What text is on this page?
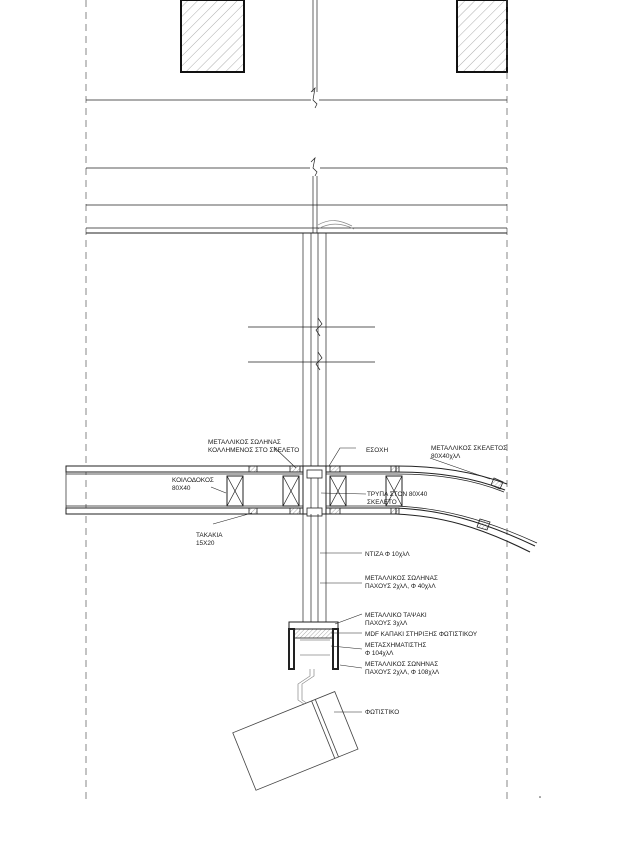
ΜΕΤΑΛΛΙΚΟΣ ΣΩΛΗΝΑΣ
ΚΟΛΛΗΜΕΝΟΣ ΣΤΟ ΣΚΕΛΕΤΟ	ΕΣΟΧΗ	ΜΕΤΑΛΛΙΚΟΣ ΣΚΕΛΕΤΟΣ
80Χ40χλΛ
ΚΟΙΛΟΔΟΚΟΣ
80Χ40
ΤΡΥΠΑ ΣΤΟΝ 80Χ40
ΣΚΕΛΕΤΟ
ΤΑΚΑΚΙΑ
15Χ20
ΝΤΙΖΑ Φ 10χλΛ
ΜΕΤΑΛΛΙΚΟΣ ΣΩΛΗΝΑΣ
ΠΑΧΟΥΣ 2χλΛ, Φ 40χλΛ
ΜΕΤΑΛΛΙΚΟ ΤΑΨΑΚΙ
ΠΑΧΟΥΣ 3χλΛ
MDF ΚΑΠΑΚΙ ΣΤΗΡΙΞΗΣ ΦΩΤΙΣΤΙΚΟΥ
ΜΕΤΑΣΧΗΜΑΤΙΣΤΗΣ
Φ 104χλΛ
ΜΕΤΑΛΛΙΚΟΣ ΣΩΝΗΝΑΣ
ΠΑΧΟΥΣ 2χλΛ, Φ 108χλΛ
ΦΩΤΙΣΤΙΚΟ
